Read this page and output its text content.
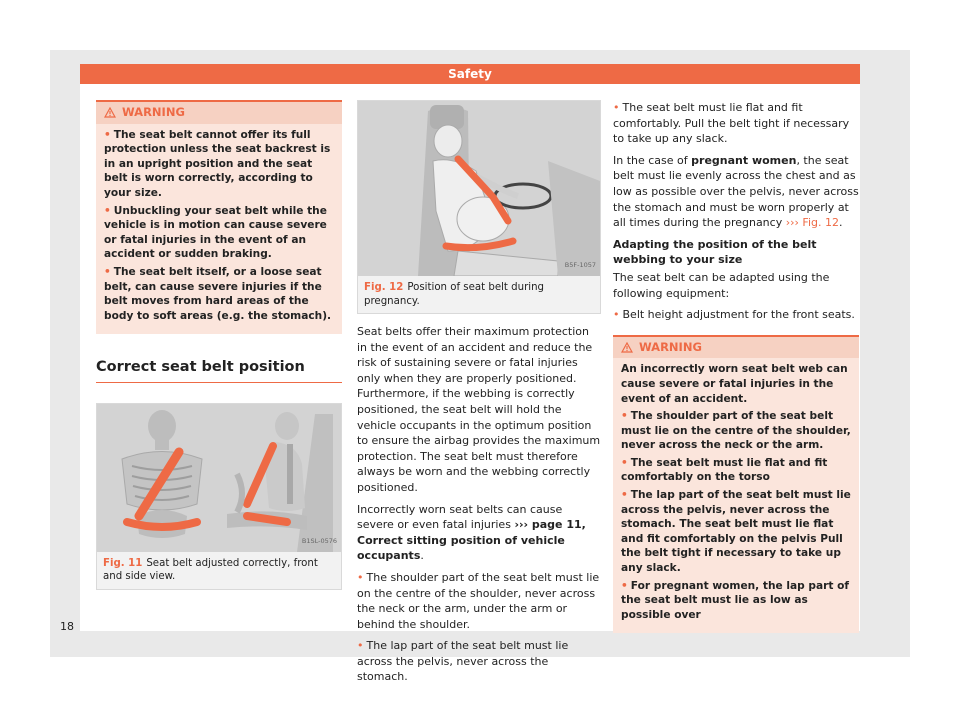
Safety
WARNING

• The seat belt cannot offer its full protection unless the seat backrest is in an upright position and the seat belt is worn correctly, according to your size.

• Unbuckling your seat belt while the vehicle is in motion can cause severe or fatal injuries in the event of an accident or sudden braking.

• The seat belt itself, or a loose seat belt, can cause severe injuries if the belt moves from hard areas of the body to soft areas (e.g. the stomach).

Correct seat belt position
B1SL-0576
Fig. 11 Seat belt adjusted correctly, front and side view.
B5F-1057
Fig. 12 Position of seat belt during pregnancy.

Seat belts offer their maximum protection in the event of an accident and reduce the risk of sustaining severe or fatal injuries only when they are properly positioned. Furthermore, if the webbing is correctly positioned, the seat belt will hold the vehicle occupants in the optimum position to ensure the airbag provides the maximum protection. The seat belt must therefore always be worn and the webbing correctly positioned.

Incorrectly worn seat belts can cause severe or even fatal injuries ››› page 11, Correct sitting position of vehicle occupants.

• The shoulder part of the seat belt must lie on the centre of the shoulder, never across the neck or the arm, under the arm or behind the shoulder.

• The lap part of the seat belt must lie across the pelvis, never across the stomach.

• The seat belt must lie flat and fit comfortably. Pull the belt tight if necessary to take up any slack.

In the case of pregnant women, the seat belt must lie evenly across the chest and as low as possible over the pelvis, never across the stomach and must be worn properly at all times during the pregnancy ››› Fig. 12.

Adapting the position of the belt webbing to your size

The seat belt can be adapted using the following equipment:

• Belt height adjustment for the front seats.

WARNING

An incorrectly worn seat belt web can cause severe or fatal injuries in the event of an accident.

• The shoulder part of the seat belt must lie on the centre of the shoulder, never across the neck or the arm.

• The seat belt must lie flat and fit comfortably on the torso

• The lap part of the seat belt must lie across the pelvis, never across the stomach. The seat belt must lie flat and fit comfortably on the pelvis Pull the belt tight if necessary to take up any slack.

• For pregnant women, the lap part of the seat belt must lie as low as possible over

18
